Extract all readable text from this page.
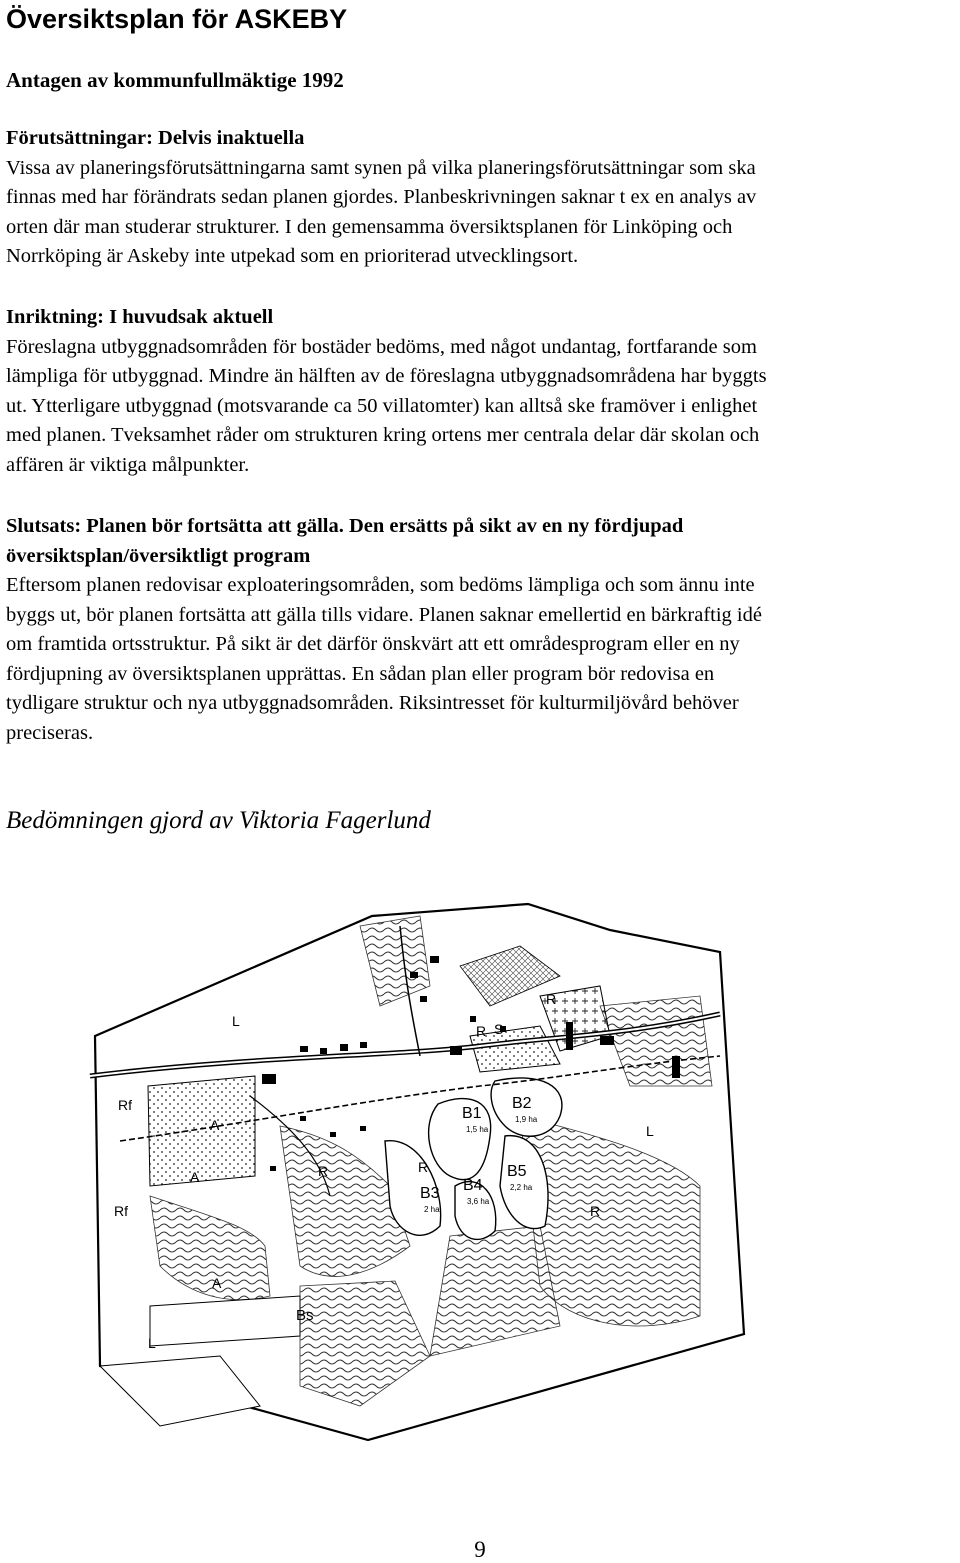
Översiktsplan för ASKEBY

Antagen av kommunfullmäktige 1992

Förutsättningar: Delvis inaktuella
Vissa av planeringsförutsättningarna samt synen på vilka planeringsförutsättningar som ska
finnas med har förändrats sedan planen gjordes. Planbeskrivningen saknar t ex en analys av
orten där man studerar strukturer. I den gemensamma översiktsplanen för Linköping och
Norrköping är Askeby inte utpekad som en prioriterad utvecklingsort.
Inriktning: I huvudsak aktuell
Föreslagna utbyggnadsområden för bostäder bedöms, med något undantag, fortfarande som
lämpliga för utbyggnad. Mindre än hälften av de föreslagna utbyggnadsområdena har byggts
ut. Ytterligare utbyggnad (motsvarande ca 50 villatomter) kan alltså ske framöver i enlighet
med planen. Tveksamhet råder om strukturen kring ortens mer centrala delar där skolan och
affären är viktiga målpunkter.
Slutsats: Planen bör fortsätta att gälla. Den ersätts på sikt av en ny fördjupad
översiktsplan/översiktligt program
Eftersom planen redovisar exploateringsområden, som bedöms lämpliga och som ännu inte
byggs ut, bör planen fortsätta att gälla tills vidare. Planen saknar emellertid en bärkraftig idé
om framtida ortsstruktur. På sikt är det därför önskvärt att ett områdesprogram eller en ny
fördjupning av översiktsplanen upprättas. En sådan plan eller program bör redovisa en
tydligare struktur och nya utbyggnadsområden. Riksintresset för kulturmiljövård behöver
preciseras.

Bedömningen gjord av Viktoria Fagerlund

B1
1,5 ha
B2
1,9 ha
B3
2 ha
B4
3,6 ha
B5
2,2 ha
Bs
L
L
L
R
R
R	R
R
Rf
Rf
S
A
A
A
9
